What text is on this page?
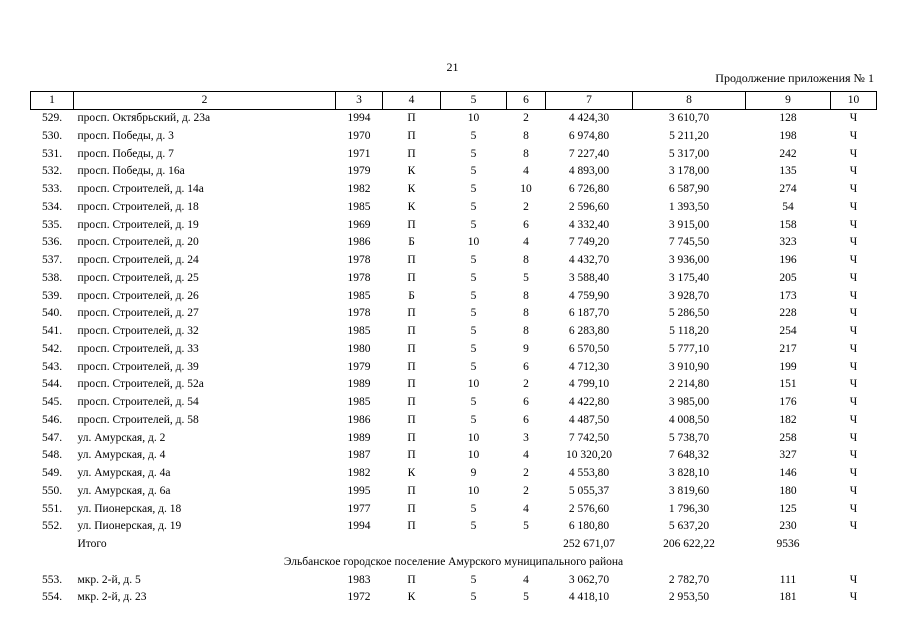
21
Продолжение приложения № 1
1	2	3	4	5	6	7	8	9	10
529.	просп. Октябрьский, д. 23а	1994	П	10	2	4 424,30	3 610,70	128	Ч
530.	просп. Победы, д. 3	1970	П	5	8	6 974,80	5 211,20	198	Ч
531.	просп. Победы, д. 7	1971	П	5	8	7 227,40	5 317,00	242	Ч
532.	просп. Победы, д. 16а	1979	К	5	4	4 893,00	3 178,00	135	Ч
533.	просп. Строителей, д. 14а	1982	К	5	10	6 726,80	6 587,90	274	Ч
534.	просп. Строителей, д. 18	1985	К	5	2	2 596,60	1 393,50	54	Ч
535.	просп. Строителей, д. 19	1969	П	5	6	4 332,40	3 915,00	158	Ч
536.	просп. Строителей, д. 20	1986	Б	10	4	7 749,20	7 745,50	323	Ч
537.	просп. Строителей, д. 24	1978	П	5	8	4 432,70	3 936,00	196	Ч
538.	просп. Строителей, д. 25	1978	П	5	5	3 588,40	3 175,40	205	Ч
539.	просп. Строителей, д. 26	1985	Б	5	8	4 759,90	3 928,70	173	Ч
540.	просп. Строителей, д. 27	1978	П	5	8	6 187,70	5 286,50	228	Ч
541.	просп. Строителей, д. 32	1985	П	5	8	6 283,80	5 118,20	254	Ч
542.	просп. Строителей, д. 33	1980	П	5	9	6 570,50	5 777,10	217	Ч
543.	просп. Строителей, д. 39	1979	П	5	6	4 712,30	3 910,90	199	Ч
544.	просп. Строителей, д. 52а	1989	П	10	2	4 799,10	2 214,80	151	Ч
545.	просп. Строителей, д. 54	1985	П	5	6	4 422,80	3 985,00	176	Ч
546.	просп. Строителей, д. 58	1986	П	5	6	4 487,50	4 008,50	182	Ч
547.	ул. Амурская, д. 2	1989	П	10	3	7 742,50	5 738,70	258	Ч
548.	ул. Амурская, д. 4	1987	П	10	4	10 320,20	7 648,32	327	Ч
549.	ул. Амурская, д. 4а	1982	К	9	2	4 553,80	3 828,10	146	Ч
550.	ул. Амурская, д. 6а	1995	П	10	2	5 055,37	3 819,60	180	Ч
551.	ул. Пионерская, д. 18	1977	П	5	4	2 576,60	1 796,30	125	Ч
552.	ул. Пионерская, д. 19	1994	П	5	5	6 180,80	5 637,20	230	Ч
	Итого					252 671,07	206 622,22	9536	
Эльбанское городское поселение Амурского муниципального района									
553.	мкр. 2-й, д. 5	1983	П	5	4	3 062,70	2 782,70	111	Ч
554.	мкр. 2-й, д. 23	1972	К	5	5	4 418,10	2 953,50	181	Ч
